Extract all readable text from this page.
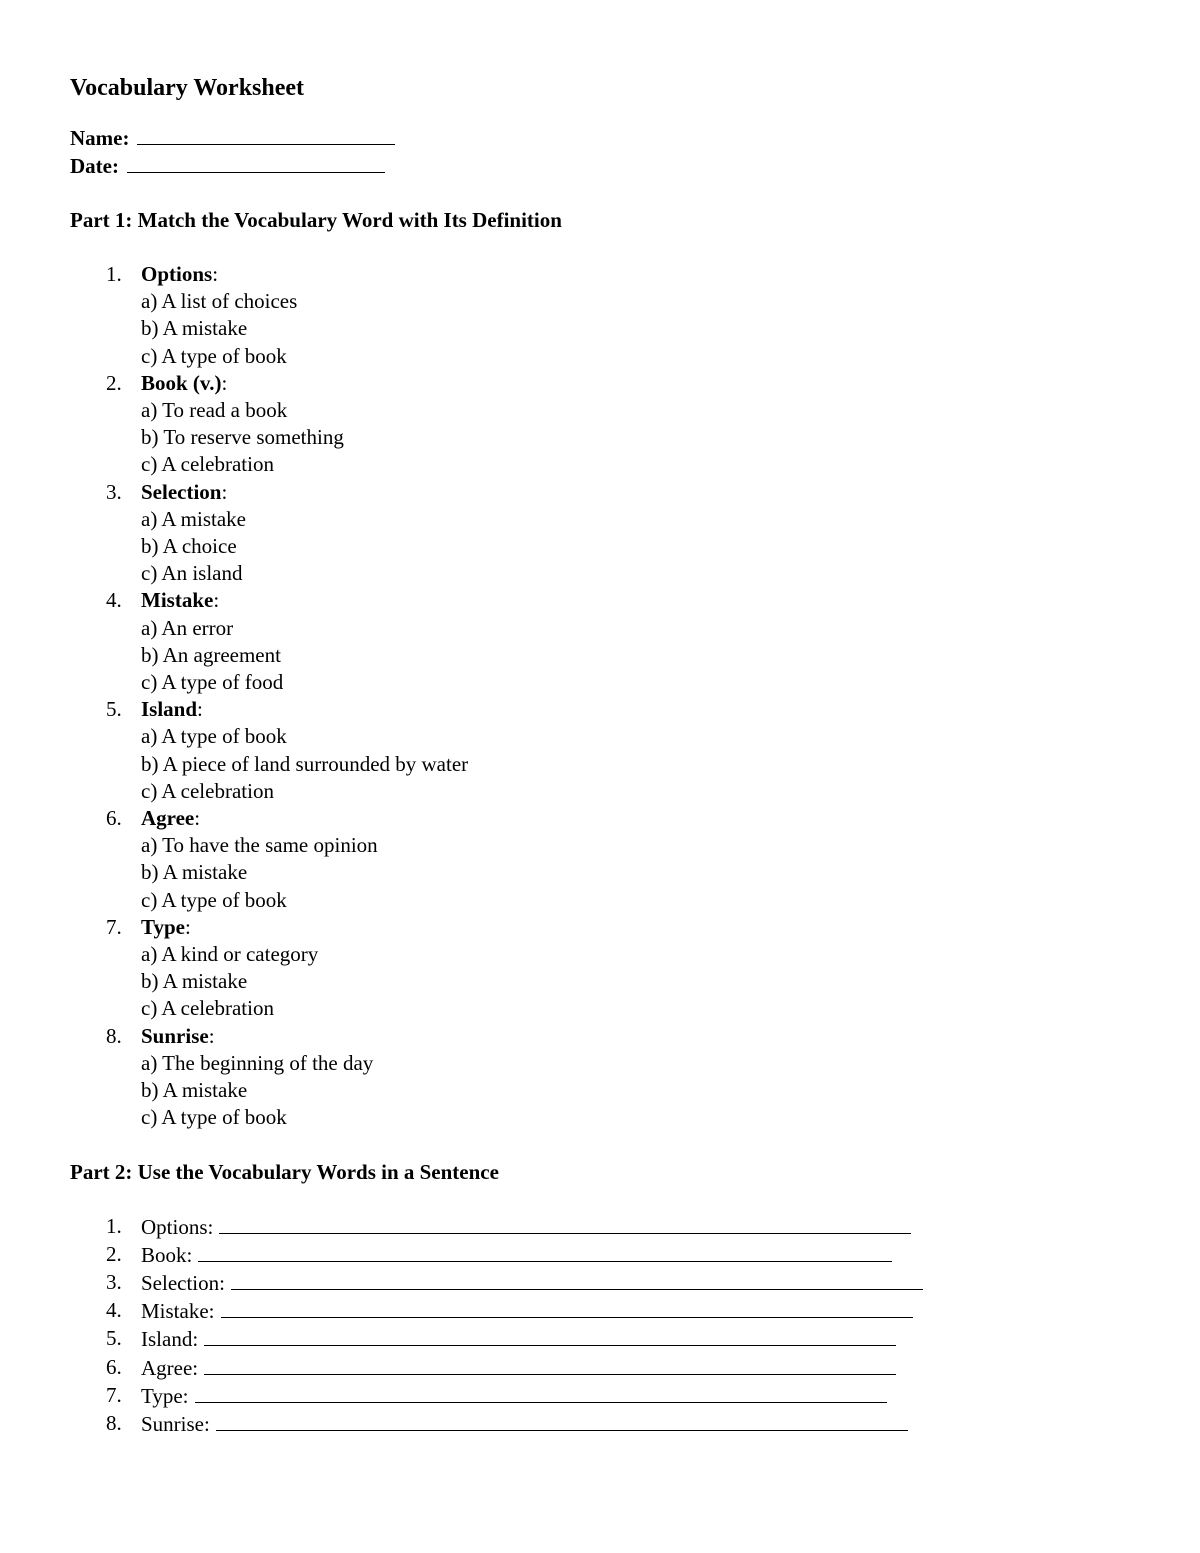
Vocabulary Worksheet
Name:
Date:
Part 1: Match the Vocabulary Word with Its Definition
1. Options:
a) A list of choices
b) A mistake
c) A type of book
2. Book (v.):
a) To read a book
b) To reserve something
c) A celebration
3. Selection:
a) A mistake
b) A choice
c) An island
4. Mistake:
a) An error
b) An agreement
c) A type of food
5. Island:
a) A type of book
b) A piece of land surrounded by water
c) A celebration
6. Agree:
a) To have the same opinion
b) A mistake
c) A type of book
7. Type:
a) A kind or category
b) A mistake
c) A celebration
8. Sunrise:
a) The beginning of the day
b) A mistake
c) A type of book
Part 2: Use the Vocabulary Words in a Sentence
1. Options:
2. Book:
3. Selection:
4. Mistake:
5. Island:
6. Agree:
7. Type:
8. Sunrise:
